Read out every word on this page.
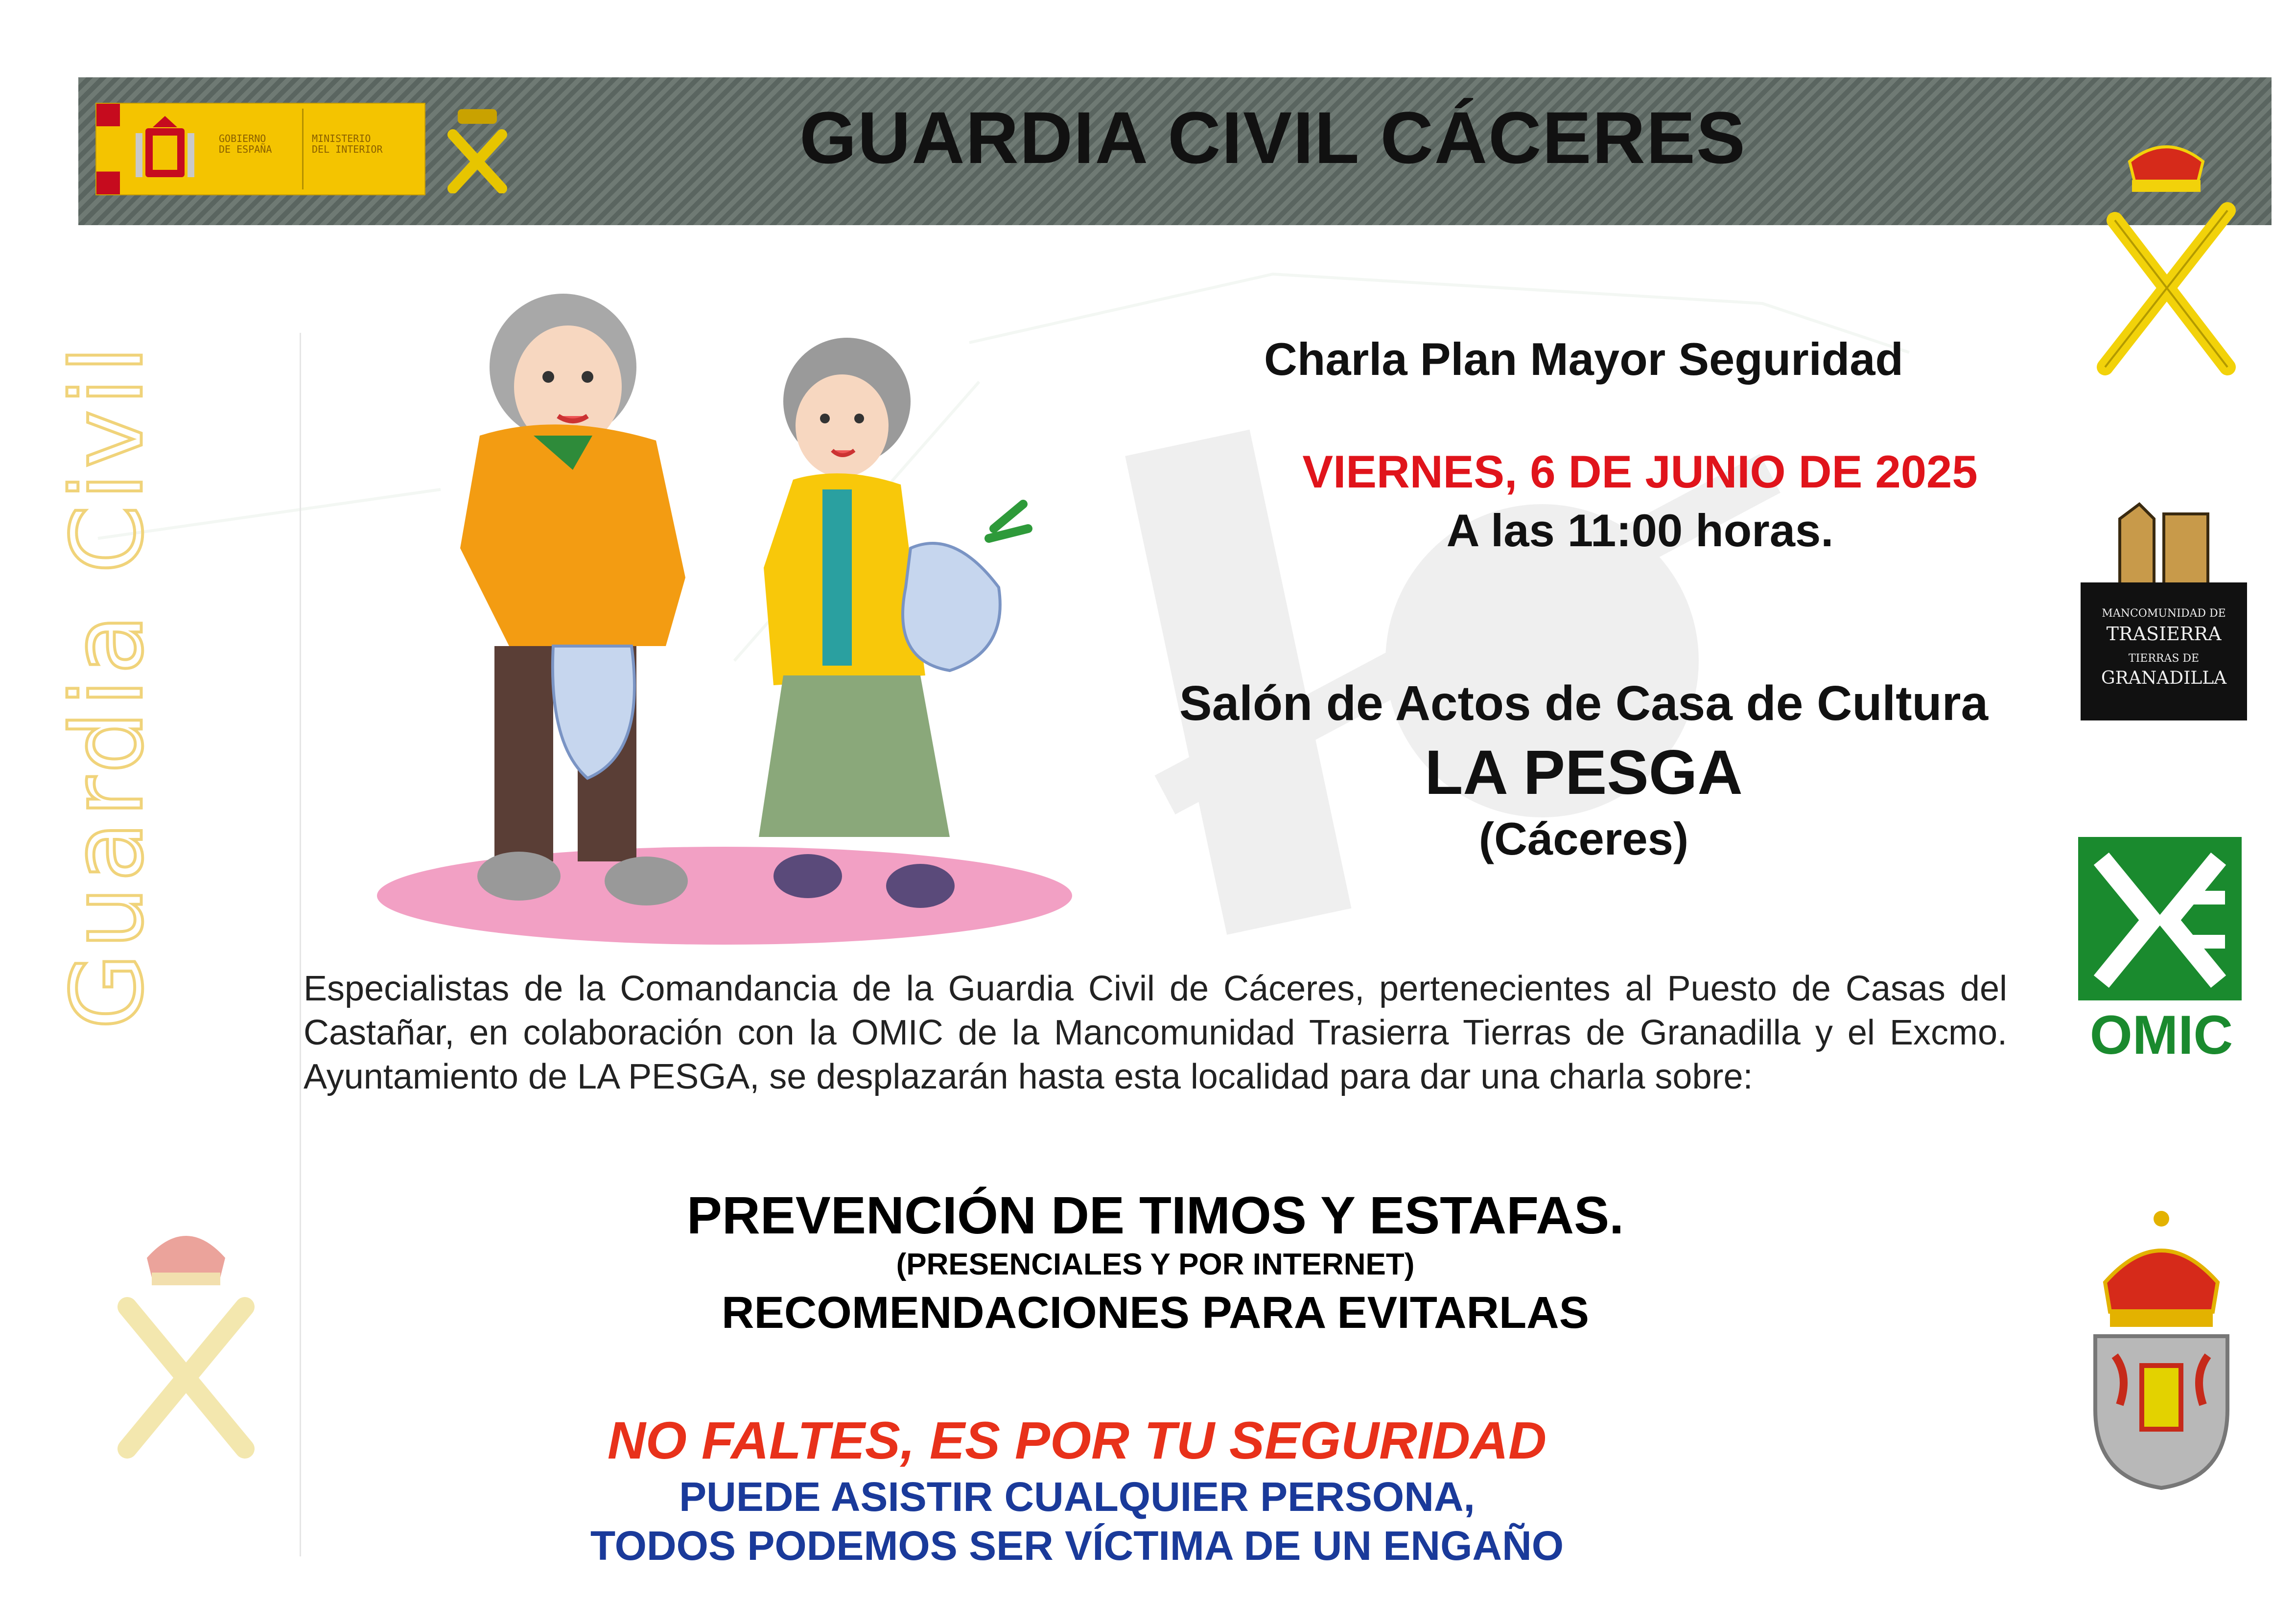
GOBIERNO
DE ESPAÑA
MINISTERIO
DEL INTERIOR	GUARDIA CIVIL CÁCERES
Guardia Civil	Charla Plan Mayor Seguridad
VIERNES, 6 DE JUNIO DE 2025
A las 11:00 horas.
Salón de Actos de Casa de Cultura
LA PESGA
(Cáceres)
Especialistas de la Comandancia de la Guardia Civil de Cáceres, pertenecientes al Puesto de Casas del Castañar, en colaboración con la OMIC de la Mancomunidad Trasierra Tierras de Granadilla y el Excmo. Ayuntamiento de LA PESGA, se desplazarán hasta esta localidad para dar una charla sobre:
PREVENCIÓN DE TIMOS Y ESTAFAS.
(PRESENCIALES Y POR INTERNET)
RECOMENDACIONES PARA EVITARLAS
NO FALTES, ES POR TU SEGURIDAD
PUEDE ASISTIR CUALQUIER PERSONA,
TODOS PODEMOS SER VÍCTIMA DE UN ENGAÑO
MANCOMUNIDAD DE
TRASIERRA
TIERRAS DE
GRANADILLA
OMIC
